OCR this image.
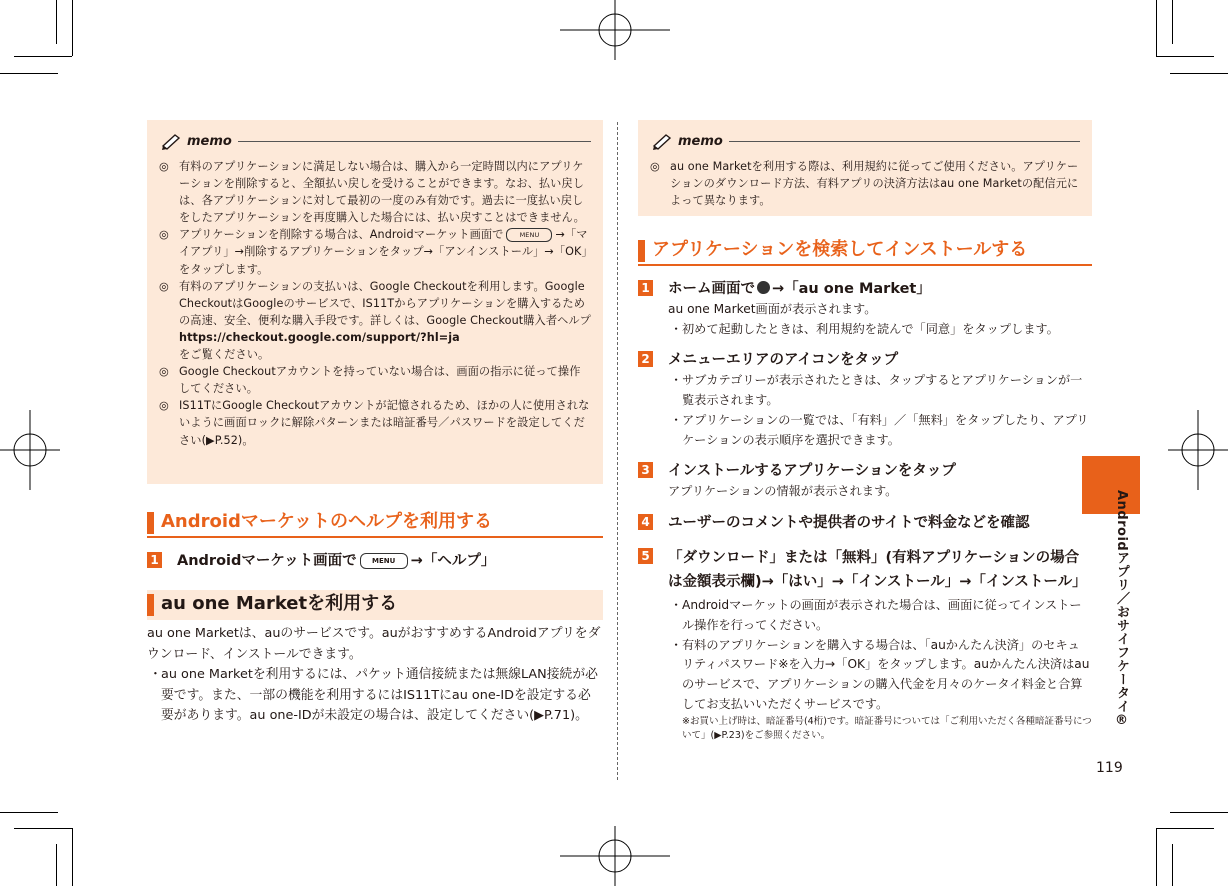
memo
◎ 有料のアプリケーションに満足しない場合は、購入から一定時間以内にアプリケーションを削除すると、全額払い戻しを受けることができます。なお、払い戻しは、各アプリケーションに対して最初の一度のみ有効です。過去に一度払い戻しをしたアプリケーションを再度購入した場合には、払い戻すことはできません。
◎ アプリケーションを削除する場合は、Androidマーケット画面で MENU →「マイアプリ」→削除するアプリケーションをタップ→「アンインストール」→「OK」をタップします。
◎ 有料のアプリケーションの支払いは、Google Checkoutを利用します。Google CheckoutはGoogleのサービスで、IS11Tからアプリケーションを購入するための高速、安全、便利な購入手段です。詳しくは、Google Checkout購入者ヘルプ
https://checkout.google.com/support/?hl=ja
をご覧ください。
◎ Google Checkoutアカウントを持っていない場合は、画面の指示に従って操作してください。
◎ IS11TにGoogle Checkoutアカウントが記憶されるため、ほかの人に使用されないように画面ロックに解除パターンまたは暗証番号／パスワードを設定してください(▶P.52)。
Androidマーケットのヘルプを利用する
1 Androidマーケット画面で MENU →「ヘルプ」
au one Marketを利用する
au one Marketは、auのサービスです。auがおすすめするAndroidアプリをダウンロード、インストールできます。
・ au one Marketを利用するには、パケット通信接続または無線LAN接続が必要です。また、一部の機能を利用するにはIS11Tにau one-IDを設定する必要があります。au one-IDが未設定の場合は、設定してください(▶P.71)。
memo
◎ au one Marketを利用する際は、利用規約に従ってご使用ください。アプリケーションのダウンロード方法、有料アプリの決済方法はau one Marketの配信元によって異なります。
アプリケーションを検索してインストールする
1 ホーム画面で →「au one Market」
au one Market画面が表示されます。
・ 初めて起動したときは、利用規約を読んで「同意」をタップします。
2 メニューエリアのアイコンをタップ
・ サブカテゴリーが表示されたときは、タップするとアプリケーションが一覧表示されます。
・ アプリケーションの一覧では、「有料」／「無料」をタップしたり、アプリケーションの表示順序を選択できます。
3 インストールするアプリケーションをタップ
アプリケーションの情報が表示されます。
4 ユーザーのコメントや提供者のサイトで料金などを確認
5 「ダウンロード」または「無料」(有料アプリケーションの場合は金額表示欄)→「はい」→「インストール」→「インストール」
・ Androidマーケットの画面が表示された場合は、画面に従ってインストール操作を行ってください。
・ 有料のアプリケーションを購入する場合は、「auかんたん決済」のセキュリティパスワード※を入力→「OK」をタップします。auかんたん決済はauのサービスで、アプリケーションの購入代金を月々のケータイ料金と合算してお支払いいただくサービスです。
※お買い上げ時は、暗証番号(4桁)です。暗証番号については「ご利用いただく各種暗証番号について」(▶P.23)をご参照ください。
Androidアプリ／おサイフケータイ®
119
